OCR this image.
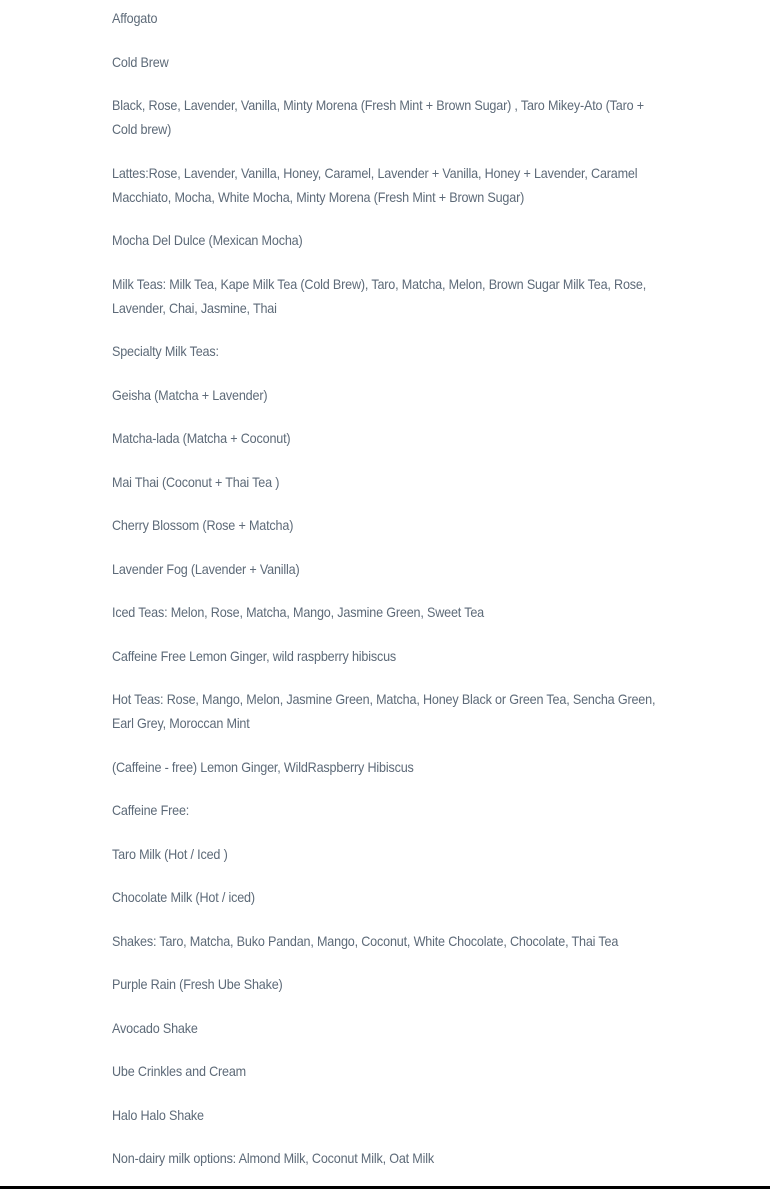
Affogato

Cold Brew

Black, Rose, Lavender, Vanilla, Minty Morena (Fresh Mint + Brown Sugar) , Taro Mikey-Ato (Taro + Cold brew)

Lattes:Rose, Lavender, Vanilla, Honey, Caramel, Lavender + Vanilla, Honey + Lavender, Caramel Macchiato, Mocha, White Mocha, Minty Morena (Fresh Mint + Brown Sugar)

Mocha Del Dulce (Mexican Mocha)

Milk Teas: Milk Tea, Kape Milk Tea (Cold Brew), Taro, Matcha, Melon, Brown Sugar Milk Tea, Rose, Lavender, Chai, Jasmine, Thai

Specialty Milk Teas:

Geisha (Matcha + Lavender)

Matcha-lada (Matcha + Coconut)

Mai Thai (Coconut + Thai Tea )

Cherry Blossom (Rose + Matcha)

Lavender Fog (Lavender + Vanilla)

Iced Teas: Melon, Rose, Matcha, Mango, Jasmine Green, Sweet Tea

Caffeine Free Lemon Ginger, wild raspberry hibiscus

Hot Teas: Rose, Mango, Melon, Jasmine Green, Matcha, Honey Black or Green Tea, Sencha Green, Earl Grey, Moroccan Mint

(Caffeine - free) Lemon Ginger, WildRaspberry Hibiscus

Caffeine Free:

Taro Milk (Hot / Iced )

Chocolate Milk (Hot / iced)

Shakes: Taro, Matcha, Buko Pandan, Mango, Coconut, White Chocolate, Chocolate, Thai Tea

Purple Rain (Fresh Ube Shake)

Avocado Shake

Ube Crinkles and Cream

Halo Halo Shake

Non-dairy milk options: Almond Milk, Coconut Milk, Oat Milk
